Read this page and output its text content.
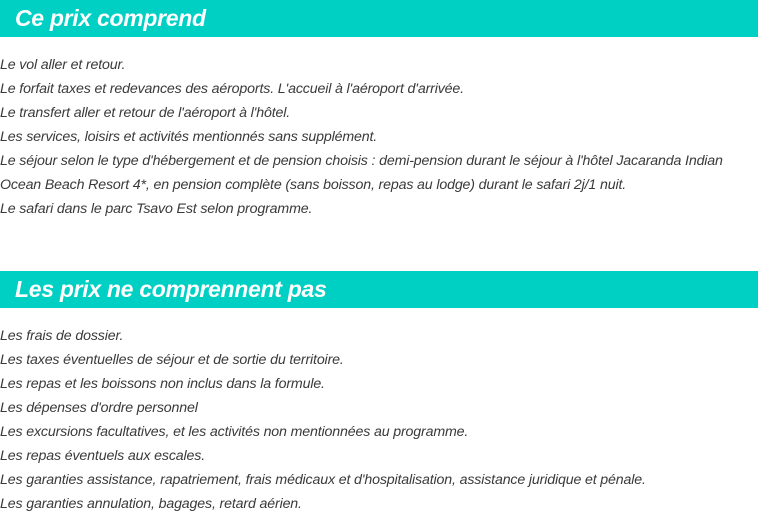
Ce prix comprend
Le vol aller et retour.
Le forfait taxes et redevances des aéroports. L'accueil à l'aéroport d'arrivée.
Le transfert aller et retour de l'aéroport à l'hôtel.
Les services, loisirs et activités mentionnés sans supplément.
Le séjour selon le type d'hébergement et de pension choisis : demi-pension durant le séjour à l'hôtel Jacaranda Indian Ocean Beach Resort 4*, en pension complète (sans boisson, repas au lodge) durant le safari 2j/1 nuit.
Le safari dans le parc Tsavo Est selon programme.
Les prix ne comprennent pas
Les frais de dossier.
Les taxes éventuelles de séjour et de sortie du territoire.
Les repas et les boissons non inclus dans la formule.
Les dépenses d'ordre personnel
Les excursions facultatives, et les activités non mentionnées au programme.
Les repas éventuels aux escales.
Les garanties assistance, rapatriement, frais médicaux et d'hospitalisation, assistance juridique et pénale.
Les garanties annulation, bagages, retard aérien.
